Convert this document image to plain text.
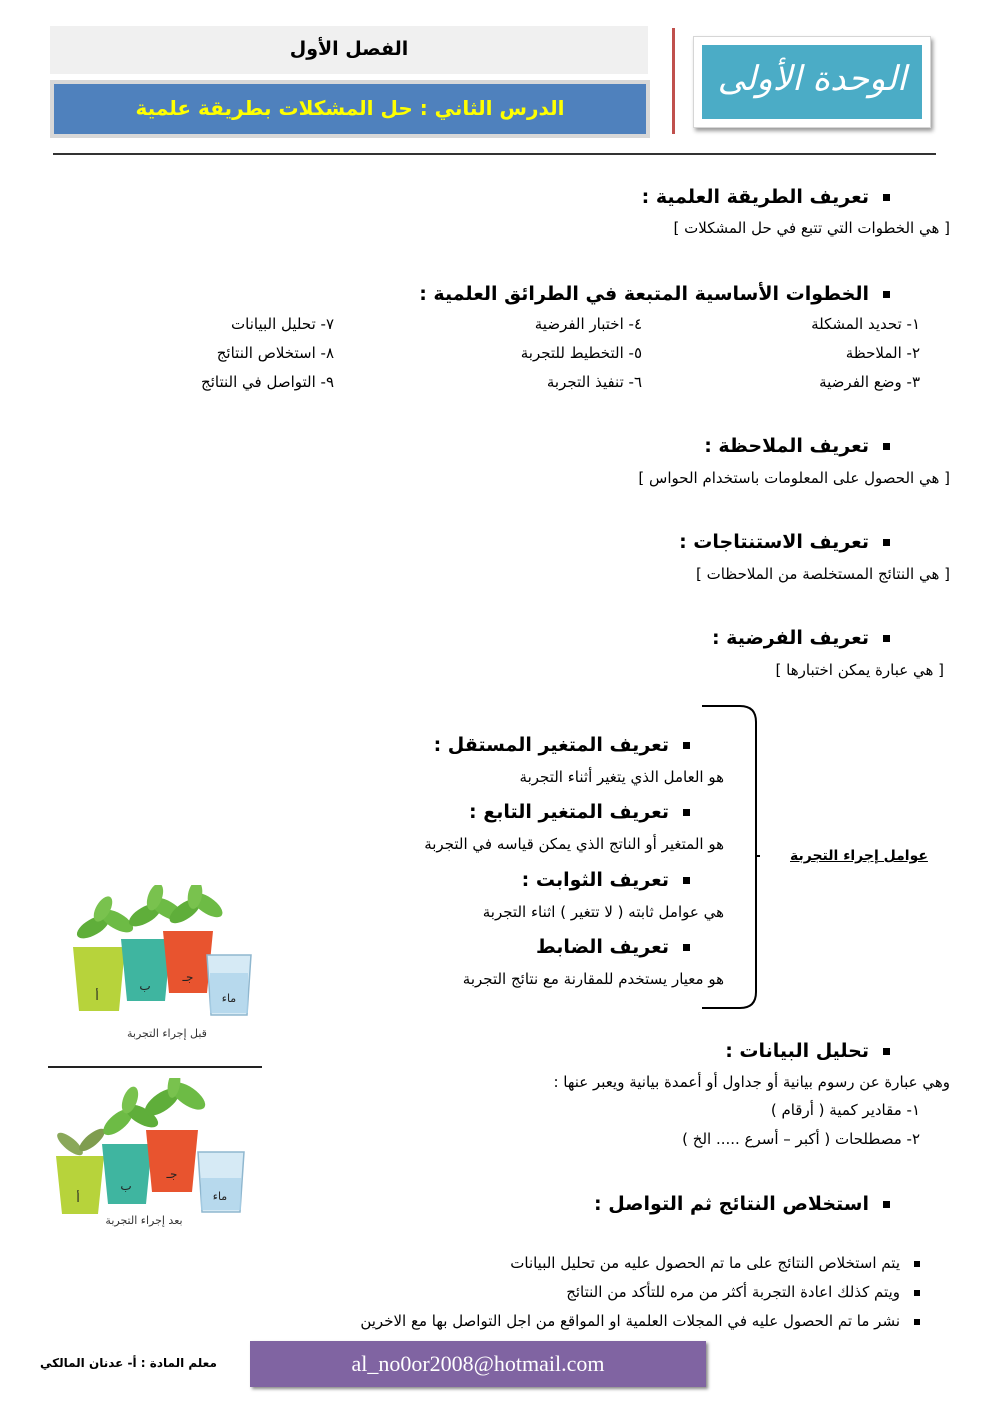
الوحدة الأولى
الفصل الأول
الدرس الثاني : حل المشكلات بطريقة علمية
تعريف الطريقة العلمية :
[ هي الخطوات التي تتبع في حل المشكلات ]
الخطوات الأساسية المتبعة في الطرائق العلمية :
١- تحديد المشكلة
٢- الملاحظة
٣- وضع الفرضية
٤- اختبار الفرضية
٥- التخطيط للتجربة
٦- تنفيذ التجربة
٧- تحليل البيانات
٨- استخلاص النتائج
٩- التواصل في النتائج
تعريف الملاحظة :
[ هي الحصول على المعلومات باستخدام الحواس ]
تعريف الاستنتاجات :
[ هي النتائج المستخلصة من الملاحظات ]
تعريف الفرضية :
[ هي عبارة يمكن اختبارها ]
عوامل إجراء التجربة
تعريف المتغير المستقل :
هو العامل الذي يتغير أثناء التجربة
تعريف المتغير التابع :
هو المتغير أو الناتج الذي يمكن قياسه في التجربة
تعريف الثوابت :
هي عوامل ثابته ( لا تتغير ) اثناء التجربة
تعريف الضابط
هو معيار يستخدم للمقارنة مع نتائج التجربة
تحليل البيانات :
وهي عبارة عن رسوم بيانية أو جداول أو أعمدة بيانية ويعبر عنها :
١- مقادير كمية ( أرقام )
٢- مصطلحات ( أكبر – أسرع ..... الخ )
استخلاص النتائج ثم التواصل :
يتم استخلاص النتائج على ما تم الحصول عليه من تحليل البيانات
ويتم كذلك اعادة التجربة أكثر من مره للتأكد من النتائج
نشر ما تم الحصول عليه في المجلات العلمية او المواقع من اجل التواصل بها مع الاخرين
أ
ب
جـ
ماء
قبل إجراء التجربة
أ
ب
جـ
ماء
بعد إجراء التجربة
al_no0or2008@hotmail.com
معلم المادة : أ- عدنان المالكي
